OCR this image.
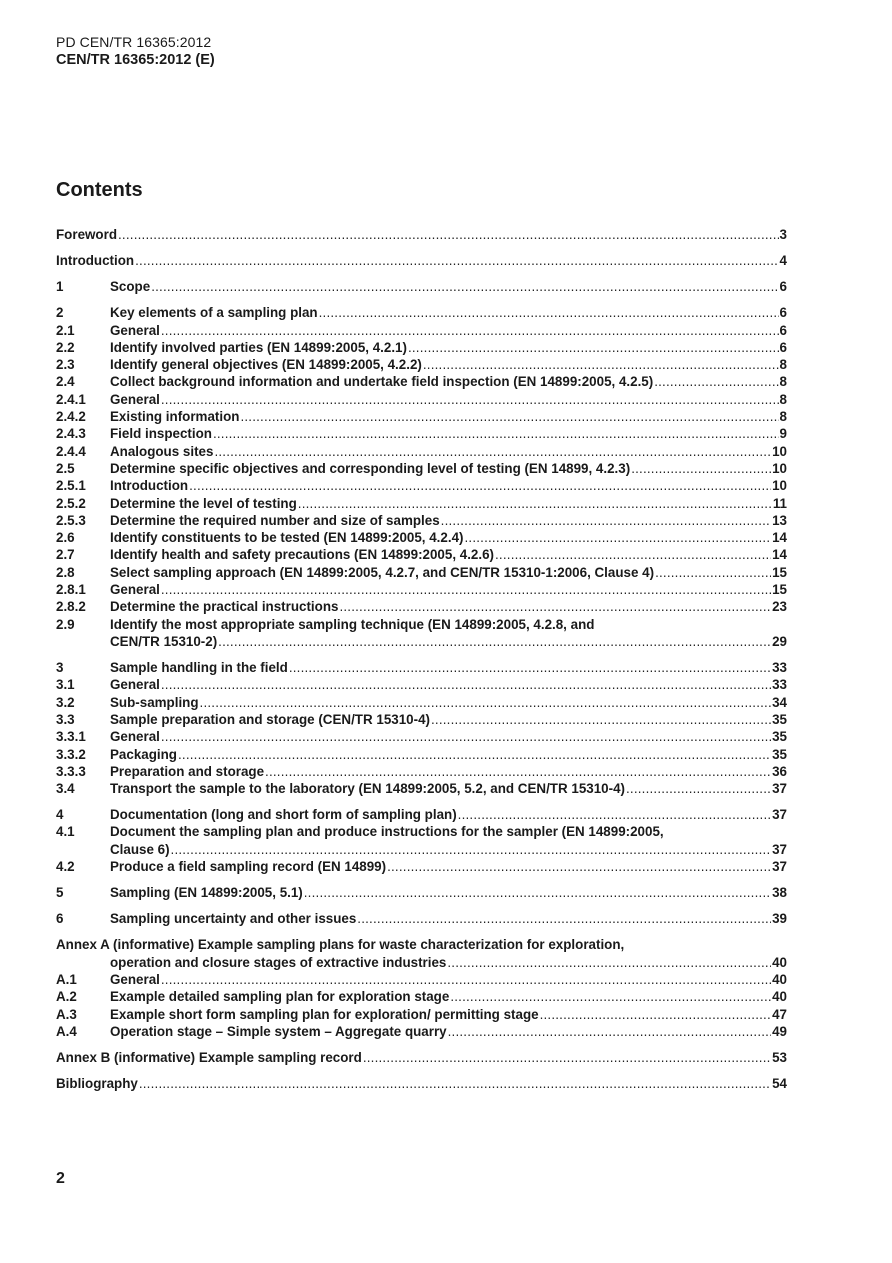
PD CEN/TR 16365:2012
CEN/TR 16365:2012 (E)
Contents
Foreword .....	3
Introduction .....	4
1	Scope .....	6
2	Key elements of a sampling plan .....	6
2.1	General .....	6
2.2	Identify involved parties (EN 14899:2005, 4.2.1) .....	6
2.3	Identify general objectives (EN 14899:2005, 4.2.2) .....	8
2.4	Collect background information and undertake field inspection (EN 14899:2005, 4.2.5) .....	8
2.4.1 General .....	8
2.4.2 Existing information .....	8
2.4.3 Field inspection .....	9
2.4.4 Analogous sites .....	10
2.5	Determine specific objectives and corresponding level of testing (EN 14899, 4.2.3) .....	10
2.5.1 Introduction .....	10
2.5.2 Determine the level of testing .....	11
2.5.3 Determine the required number and size of samples .....	13
2.6	Identify constituents to be tested (EN 14899:2005, 4.2.4) .....	14
2.7	Identify health and safety precautions (EN 14899:2005, 4.2.6) .....	14
2.8	Select sampling approach (EN 14899:2005, 4.2.7, and CEN/TR 15310-1:2006, Clause 4) .....	15
2.8.1 General .....	15
2.8.2 Determine the practical instructions .....	23
2.9	Identify the most appropriate sampling technique (EN 14899:2005, 4.2.8, and
CEN/TR 15310-2) .....	29
3	Sample handling in the field .....	33
3.1	General .....	33
3.2	Sub-sampling .....	34
3.3	Sample preparation and storage (CEN/TR 15310-4) .....	35
3.3.1 General .....	35
3.3.2 Packaging .....	35
3.3.3 Preparation and storage .....	36
3.4	Transport the sample to the laboratory (EN 14899:2005, 5.2, and CEN/TR 15310-4) .....	37
4	Documentation (long and short form of sampling plan) .....	37
4.1	Document the sampling plan and produce instructions for the sampler (EN 14899:2005,
Clause 6) .....	37
4.2	Produce a field sampling record (EN 14899) .....	37
5	Sampling (EN 14899:2005, 5.1) .....	38
6	Sampling uncertainty and other issues .....	39
Annex A (informative) Example sampling plans for waste characterization for exploration,
operation and closure stages of extractive industries .....	40
A.1 General .....	40
A.2 Example detailed sampling plan for exploration stage .....	40
A.3 Example short form sampling plan for exploration/ permitting stage .....	47
A.4 Operation stage – Simple system – Aggregate quarry .....	49
Annex B (informative) Example sampling record .....	53
Bibliography .....	54
2
